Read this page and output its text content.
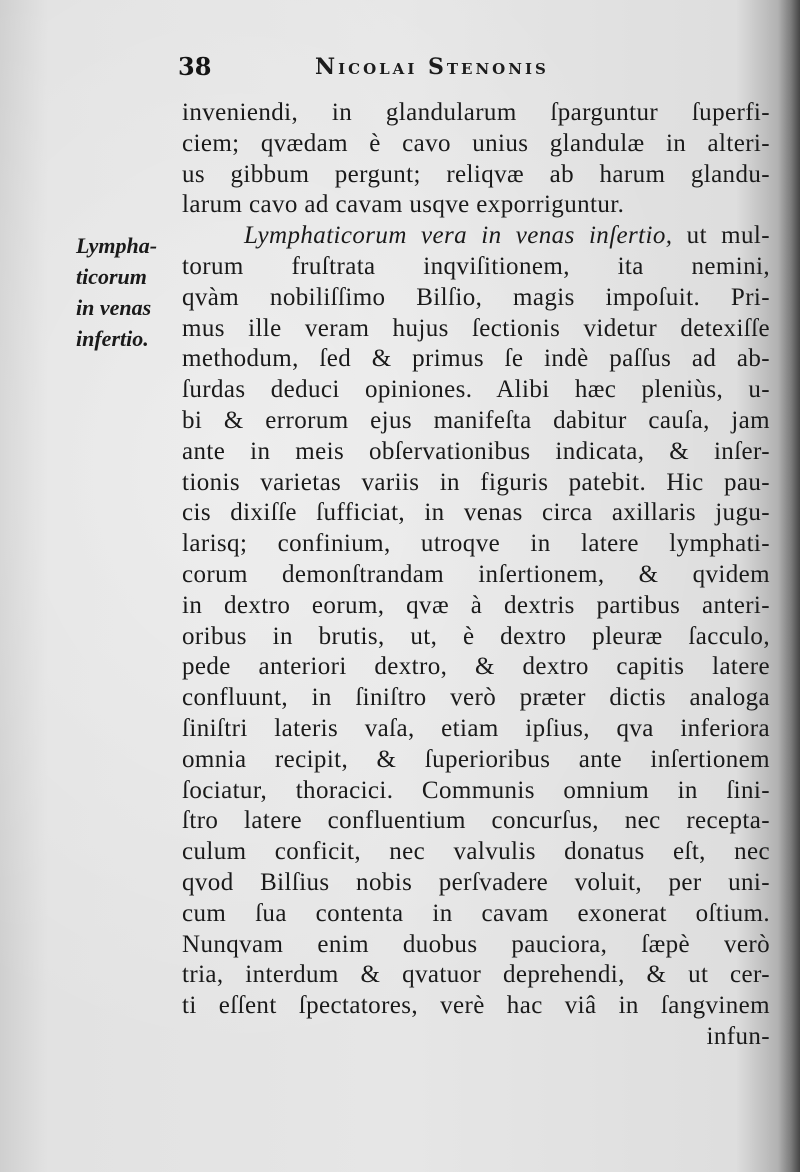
38	Nicolai Stenonis
Lympha-
ticorum
in venas
infertio.
inveniendi, in glandularum ſparguntur ſuperfi-
ciem; qvædam è cavo unius glandulæ in alteri-
us gibbum pergunt; reliqvæ ab harum glandu-
larum cavo ad cavam usqve exporriguntur.
Lymphaticorum vera in venas inſertio, ut mul-
torum fruſtrata inqviſitionem, ita nemini,
qvàm nobiliſſimo Bilſio, magis impoſuit. Pri-
mus ille veram hujus ſectionis videtur detexiſſe
methodum, ſed & primus ſe indè paſſus ad ab-
ſurdas deduci opiniones. Alibi hæc pleniùs, u-
bi & errorum ejus manifeſta dabitur cauſa, jam
ante in meis obſervationibus indicata, & inſer-
tionis varietas variis in figuris patebit. Hic pau-
cis dixiſſe ſufficiat, in venas circa axillaris jugu-
larisq; confinium, utroqve in latere lymphati-
corum demonſtrandam inſertionem, & qvidem
in dextro eorum, qvæ à dextris partibus anteri-
oribus in brutis, ut, è dextro pleuræ ſacculo,
pede anteriori dextro, & dextro capitis latere
confluunt, in ſiniſtro verò præter dictis analoga
ſiniſtri lateris vaſa, etiam ipſius, qva inferiora
omnia recipit, & ſuperioribus ante inſertionem
ſociatur, thoracici. Communis omnium in ſini-
ſtro latere confluentium concurſus, nec recepta-
culum conficit, nec valvulis donatus eſt, nec
qvod Bilſius nobis perſvadere voluit, per uni-
cum ſua contenta in cavam exonerat oſtium.
Nunqvam enim duobus pauciora, ſæpè verò
tria, interdum & qvatuor deprehendi, & ut cer-
ti eſſent ſpectatores, verè hac viâ in ſangvinem
infun-
